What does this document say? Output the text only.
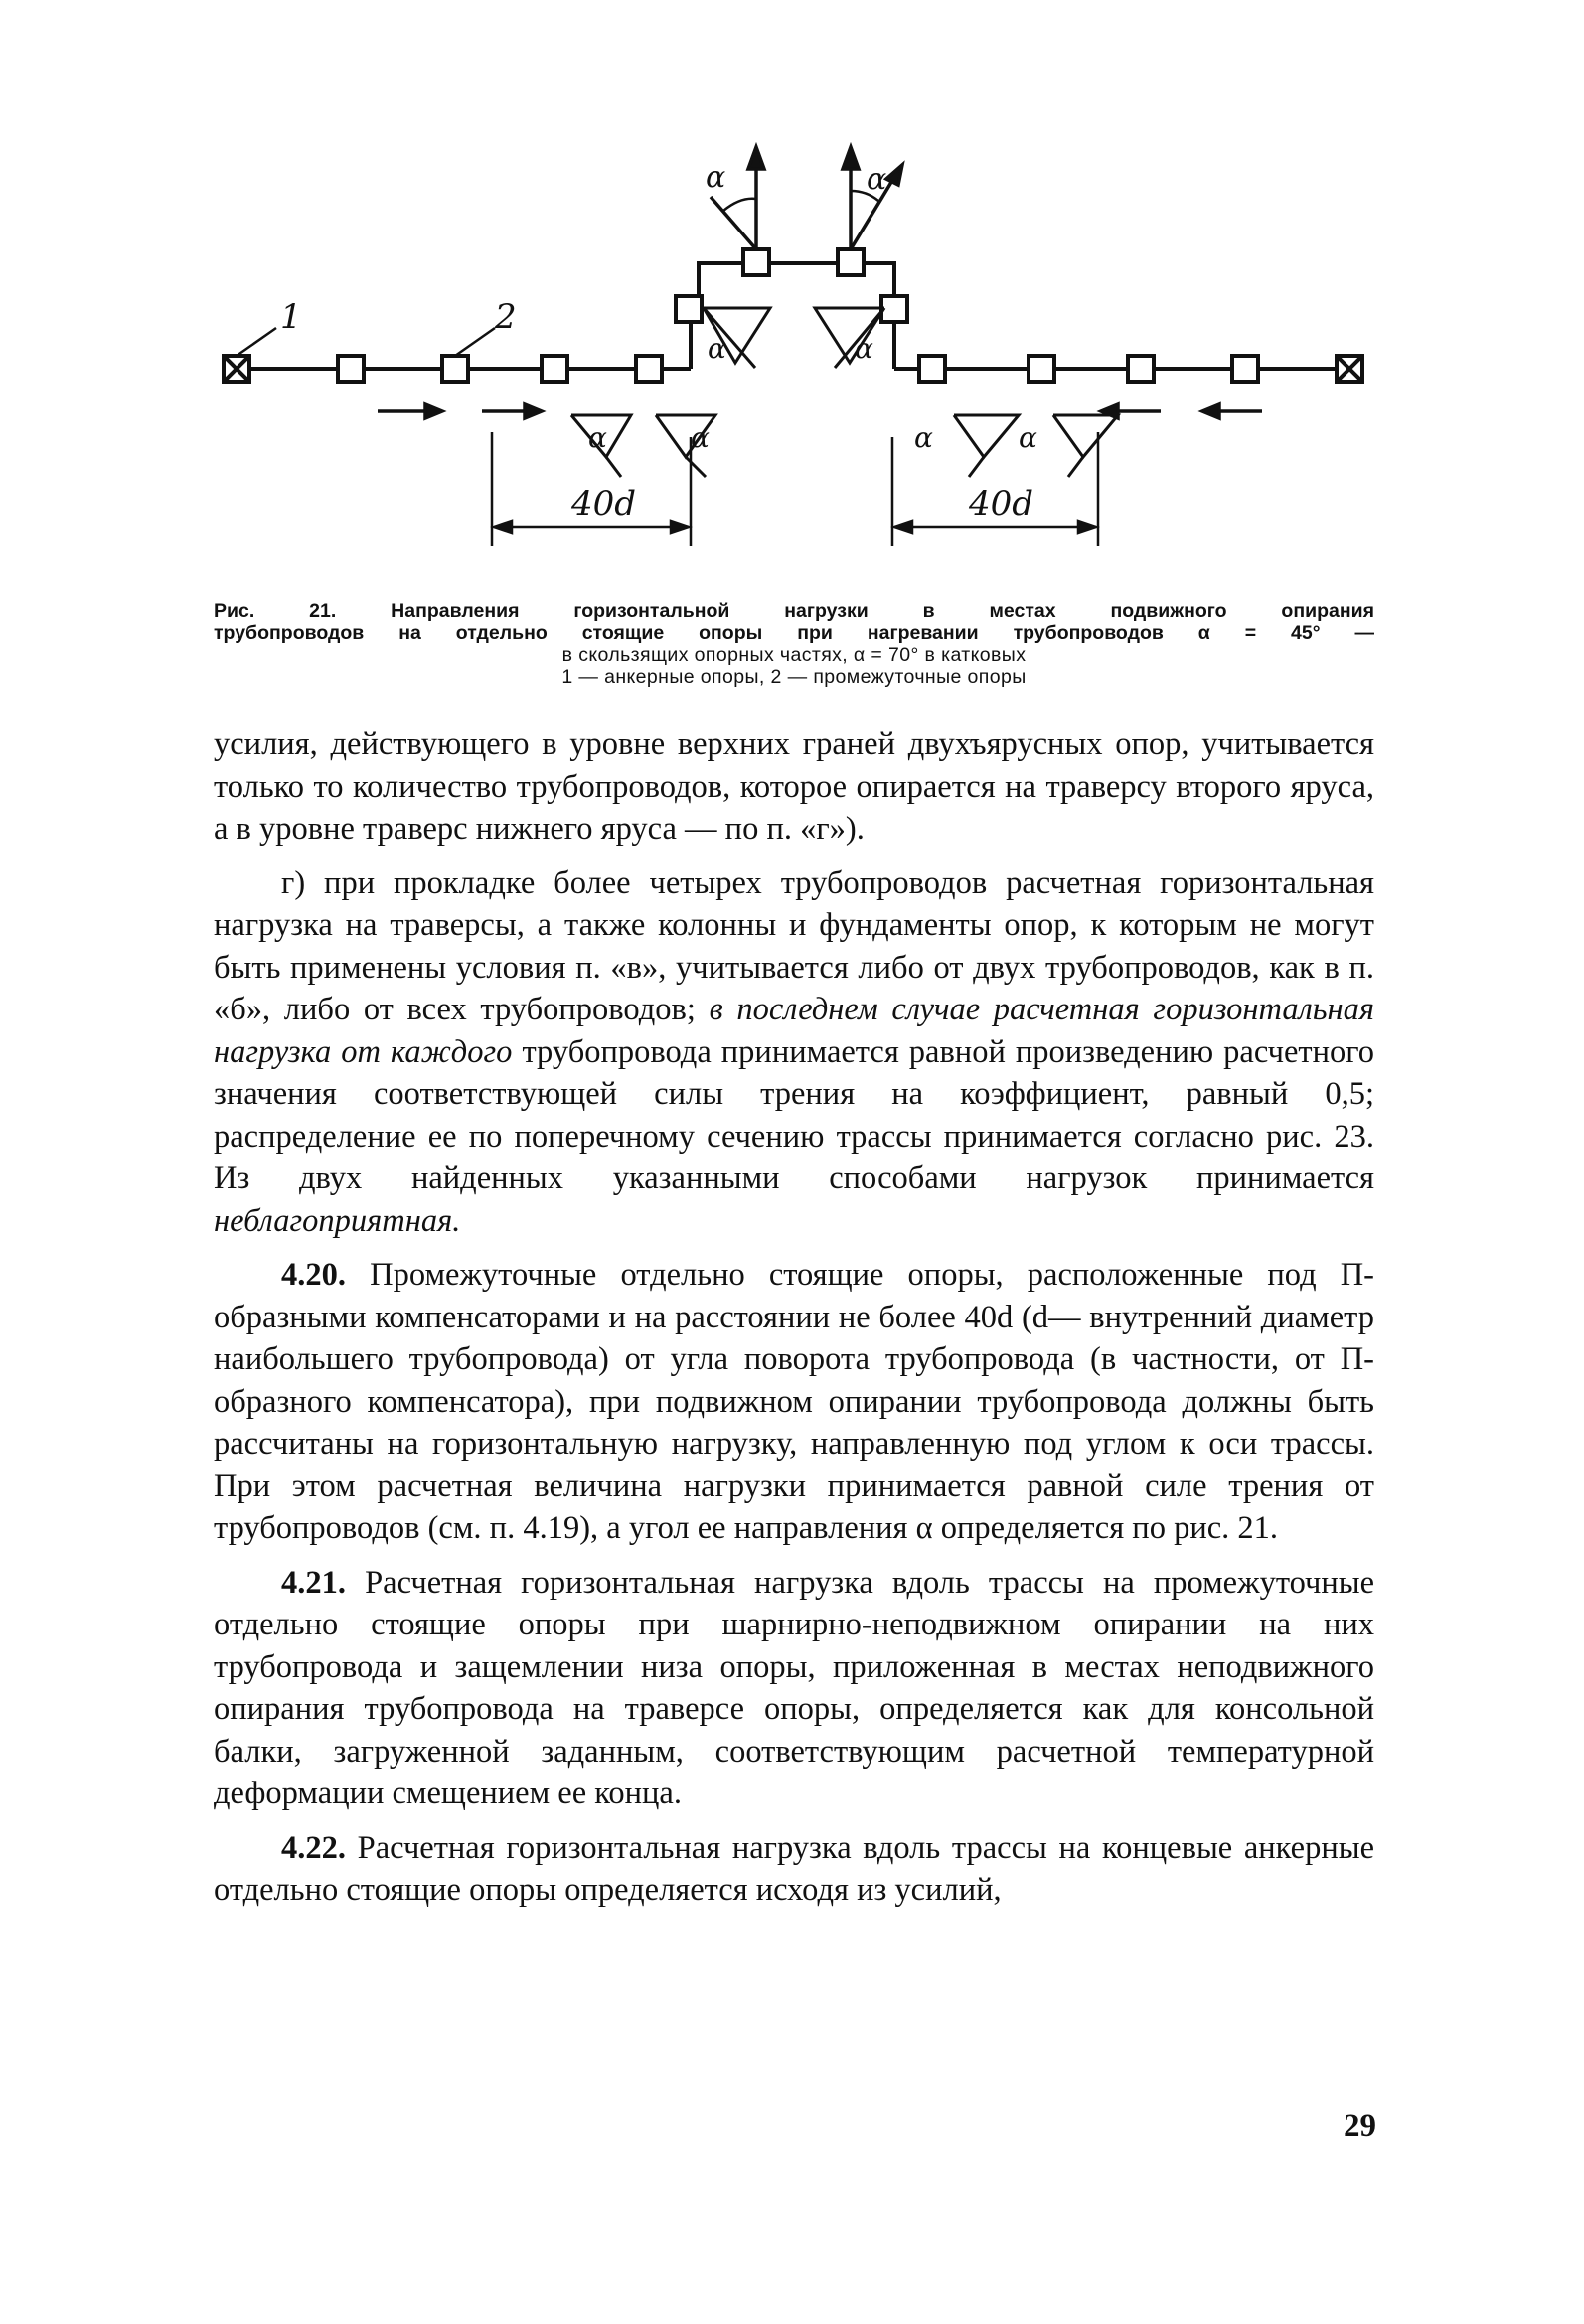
1	2
α	α
α	α
α	α	α	α
40d	40d
Рис. 21. Направления горизонтальной нагрузки в местах подвижного опирания
трубопроводов на отдельно стоящие опоры при нагревании трубопроводов α = 45° —
в скользящих опорных частях, α = 70° в катковых
1 — анкерные опоры, 2 — промежуточные опоры

усилия, действующего в уровне верхних граней двухъярусных опор, учитывается только то количество трубопроводов, которое опирается на траверсу второго яруса, а в уровне траверс нижнего яруса — по п. «г»).

г) при прокладке более четырех трубопроводов расчетная горизонтальная нагрузка на траверсы, а также колонны и фундаменты опор, к которым не могут быть применены условия п. «в», учитывается либо от двух трубопроводов, как в п. «б», либо от всех трубопроводов; в последнем случае расчетная горизонтальная нагрузка от каждого трубопровода принимается равной произведению расчетного значения соответствующей силы трения на коэффициент, равный 0,5; распределение ее по поперечному сечению трассы принимается согласно рис. 23. Из двух найденных указанными способами нагрузок принимается неблагоприятная.

4.20. Промежуточные отдельно стоящие опоры, расположенные под П-образными компенсаторами и на расстоянии не более 40d (d— внутренний диаметр наибольшего трубопровода) от угла поворота трубопровода (в частности, от П-образного компенсатора), при подвижном опирании трубопровода должны быть рассчитаны на горизонтальную нагрузку, направленную под углом к оси трассы. При этом расчетная величина нагрузки принимается равной силе трения от трубопроводов (см. п. 4.19), а угол ее направления α определяется по рис. 21.

4.21. Расчетная горизонтальная нагрузка вдоль трассы на промежуточные отдельно стоящие опоры при шарнирно-неподвижном опирании на них трубопровода и защемлении низа опоры, приложенная в местах неподвижного опирания трубопровода на траверсе опоры, определяется как для консольной балки, загруженной заданным, соответствующим расчетной температурной деформации смещением ее конца.

4.22. Расчетная горизонтальная нагрузка вдоль трассы на концевые анкерные отдельно стоящие опоры определяется исходя из усилий,

29
